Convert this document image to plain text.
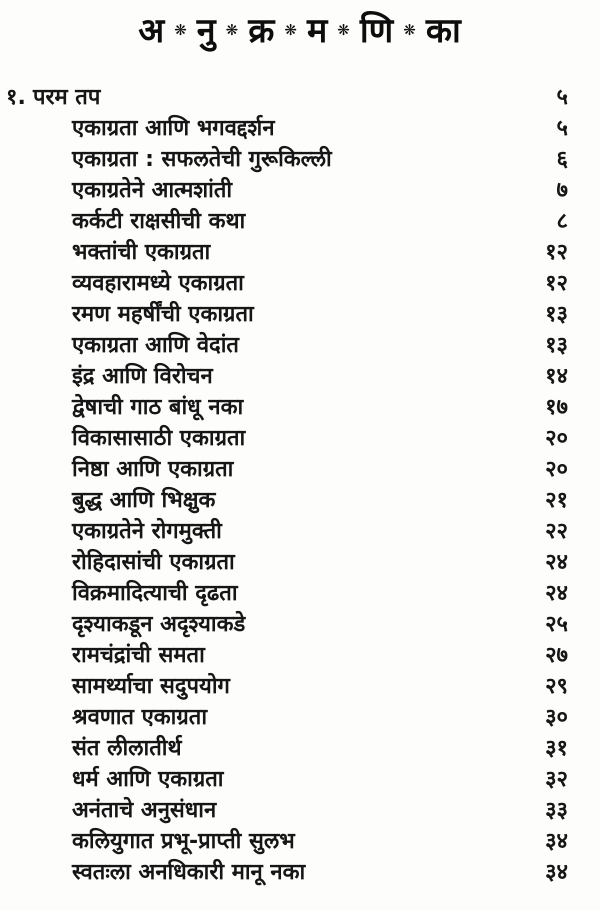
अ ❋ नु ❋ क्र ❋ म ❋ णि ❋ का
१. परम तप	५
एकाग्रता आणि भगवद्दर्शन	५
एकाग्रता : सफलतेची गुरूकिल्ली	६
एकाग्रतेने आत्मशांती	७
कर्कटी राक्षसीची कथा	८
भक्तांची एकाग्रता	१२
व्यवहारामध्ये एकाग्रता	१२
रमण महर्षींची एकाग्रता	१३
एकाग्रता आणि वेदांत	१३
इंद्र आणि विरोचन	१४
द्वेषाची गाठ बांधू नका	१७
विकासासाठी एकाग्रता	२०
निष्ठा आणि एकाग्रता	२०
बुद्ध आणि भिक्षुक	२१
एकाग्रतेने रोगमुक्ती	२२
रोहिदासांची एकाग्रता	२४
विक्रमादित्याची दृढता	२४
दृश्याकडून अदृश्याकडे	२५
रामचंद्रांची समता	२७
सामर्थ्याचा सदुपयोग	२९
श्रवणात एकाग्रता	३०
संत लीलातीर्थ	३१
धर्म आणि एकाग्रता	३२
अनंताचे अनुसंधान	३३
कलियुगात प्रभू-प्राप्ती सुलभ	३४
स्वतःला अनधिकारी मानू नका	३४
